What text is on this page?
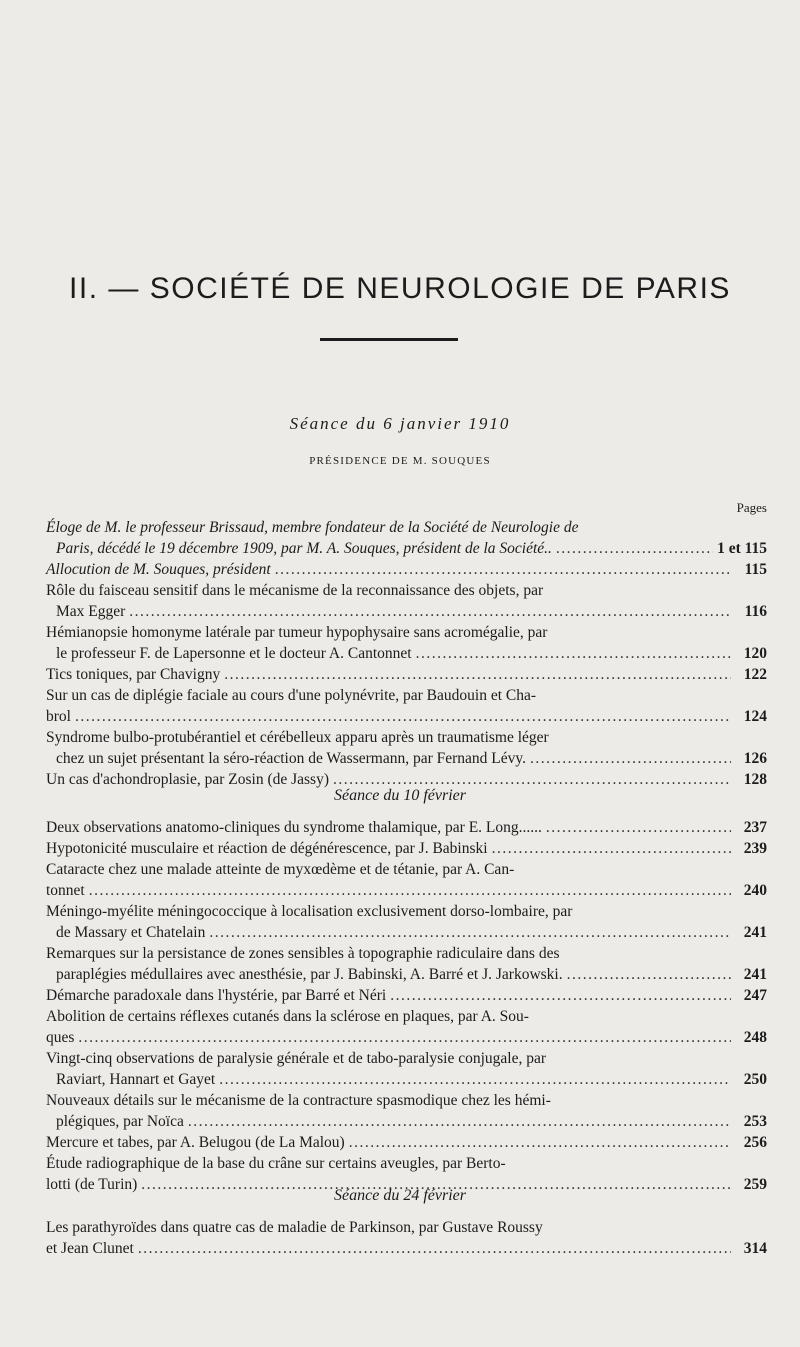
II. — SOCIÉTÉ DE NEUROLOGIE DE PARIS
Séance du 6 janvier 1910
PRÉSIDENCE DE M. SOUQUES
Pages
Éloge de M. le professeur Brissaud, membre fondateur de la Société de Neurologie de
Paris, décédé le 19 décembre 1909, par M. A. Souques, président de la Société.. .....	1 et 115
Allocution de M. Souques, président .....	115
Rôle du faisceau sensitif dans le mécanisme de la reconnaissance des objets, par
Max Egger .....	116
Hémianopsie homonyme latérale par tumeur hypophysaire sans acromégalie, par
le professeur F. de Lapersonne et le docteur A. Cantonnet .....	120
Tics toniques, par Chavigny .....	122
Sur un cas de diplégie faciale au cours d'une polynévrite, par Baudouin et Cha-
brol .....	124
Syndrome bulbo-protubérantiel et cérébelleux apparu après un traumatisme léger
chez un sujet présentant la séro-réaction de Wassermann, par Fernand Lévy. .....	126
Un cas d'achondroplasie, par Zosin (de Jassy) .....	128
Séance du 10 février
Deux observations anatomo-cliniques du syndrome thalamique, par E. Long...... .....	237
Hypotonicité musculaire et réaction de dégénérescence, par J. Babinski .....	239
Cataracte chez une malade atteinte de myxœdème et de tétanie, par A. Can-
tonnet .....	240
Méningo-myélite méningococcique à localisation exclusivement dorso-lombaire, par
de Massary et Chatelain .....	241
Remarques sur la persistance de zones sensibles à topographie radiculaire dans des
paraplégies médullaires avec anesthésie, par J. Babinski, A. Barré et J. Jarkowski. .....	241
Démarche paradoxale dans l'hystérie, par Barré et Néri .....	247
Abolition de certains réflexes cutanés dans la sclérose en plaques, par A. Sou-
ques .....	248
Vingt-cinq observations de paralysie générale et de tabo-paralysie conjugale, par
Raviart, Hannart et Gayet .....	250
Nouveaux détails sur le mécanisme de la contracture spasmodique chez les hémi-
plégiques, par Noïca .....	253
Mercure et tabes, par A. Belugou (de La Malou) .....	256
Étude radiographique de la base du crâne sur certains aveugles, par Berto-
lotti (de Turin) .....	259
Séance du 24 février
Les parathyroïdes dans quatre cas de maladie de Parkinson, par Gustave Roussy
et Jean Clunet .....	314
